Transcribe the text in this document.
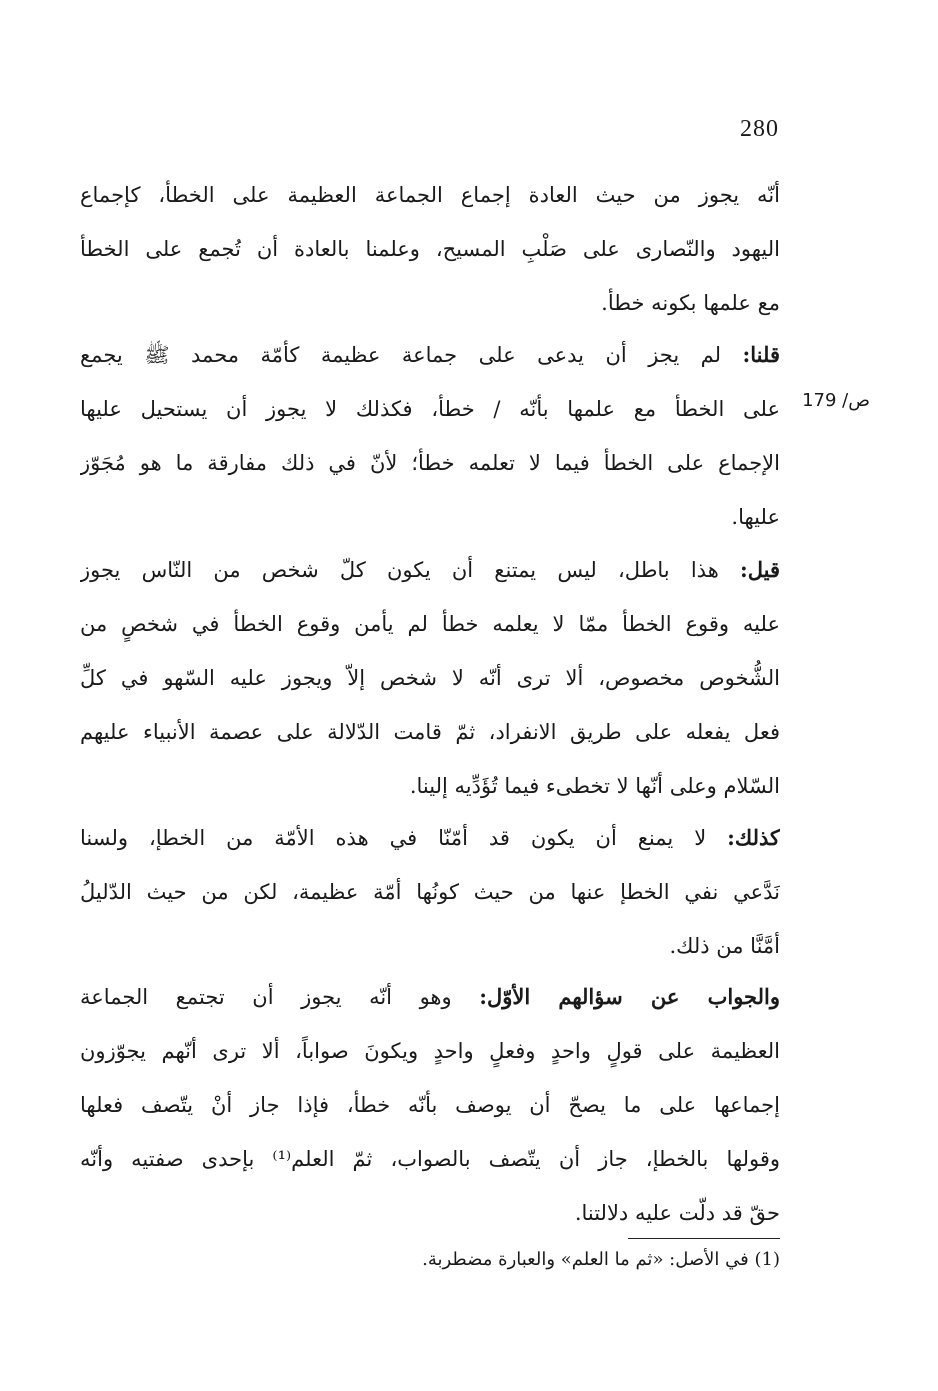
280
ص/ 179
أنّه يجوز من حيث العادة إجماع الجماعة العظيمة على الخطأ، كإجماع
اليهود والنّصارى على صَلْبِ المسيح، وعلمنا بالعادة أن تُجمع على الخطأ
مع علمها بكونه خطأ.
قلنا: لم يجز أن يدعى على جماعة عظيمة كأمّة محمد ﷺ يجمع
على الخطأ مع علمها بأنّه / خطأ، فكذلك لا يجوز أن يستحيل عليها
الإجماع على الخطأ فيما لا تعلمه خطأ؛ لأنّ في ذلك مفارقة ما هو مُجَوّز
عليها.
قيل: هذا باطل، ليس يمتنع أن يكون كلّ شخص من النّاس يجوز
عليه وقوع الخطأ ممّا لا يعلمه خطأ لم يأمن وقوع الخطأ في شخصٍ من
الشُّخوص مخصوص، ألا ترى أنّه لا شخص إلاّ ويجوز عليه السّهو في كلِّ
فعل يفعله على طريق الانفراد، ثمّ قامت الدّلالة على عصمة الأنبياء عليهم
السّلام وعلى أنّها لا تخطىء فيما تُؤَدِّيه إلينا.
كذلك: لا يمنع أن يكون قد أمّنّا في هذه الأمّة من الخطإ، ولسنا
نَدَّعي نفي الخطإ عنها من حيث كونُها أمّة عظيمة، لكن من حيث الدّليلُ
أمَّنَّا من ذلك.
والجواب عن سؤالهم الأوّل: وهو أنّه يجوز أن تجتمع الجماعة
العظيمة على قولٍ واحدٍ وفعلٍ واحدٍ ويكونَ صواباً، ألا ترى أنّهم يجوّزون
إجماعها على ما يصحّ أن يوصف بأنّه خطأ، فإذا جاز أنْ يتّصف فعلها
وقولها بالخطإ، جاز أن يتّصف بالصواب، ثمّ العلم⁽¹⁾ بإحدى صفتيه وأنّه
حقّ قد دلّت عليه دلالتنا.
(1) في الأصل: «ثم ما العلم» والعبارة مضطربة.
